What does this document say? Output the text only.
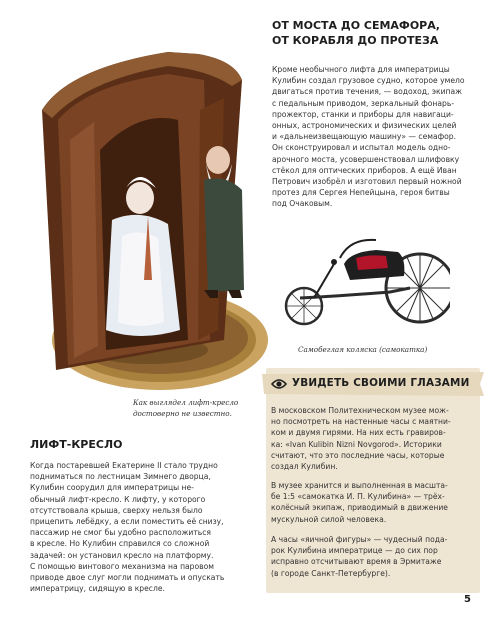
ОТ МОСТА ДО СЕМАФОРА,
ОТ КОРАБЛЯ ДО ПРОТЕЗА
Кроме необычного лифта для императрицы
Кулибин создал грузовое судно, которое умело
двигаться против течения, — водоход, экипаж
с педальным приводом, зеркальный фонарь-
прожектор, станки и приборы для навигаци-
онных, астрономических и физических целей
и «дальнеизвещающую машину» — семафор.
Он сконструировал и испытал модель одно-
арочного моста, усовершенствовал шлифовку
стёкол для оптических приборов. А ещё Иван
Петрович изобрёл и изготовил первый ножной
протез для Сергея Непейцына, героя битвы
под Очаковым.
Самобеглая коляска (самокатка)
Как выглядел лифт-кресло
достоверно не известно.
ЛИФТ-КРЕСЛО
Когда постаревшей Екатерине II стало трудно
подниматься по лестницам Зимнего дворца,
Кулибин соорудил для императрицы не-
обычный лифт-кресло. К лифту, у которого
отсутствовала крыша, сверху нельзя было
прицепить лебёдку, а если поместить её снизу,
пассажир не смог бы удобно расположиться
в кресле. Но Кулибин справился со сложной
задачей: он установил кресло на платформу.
С помощью винтового механизма на паровом
приводе двое слуг могли поднимать и опускать
императрицу, сидящую в кресле.
УВИДЕТЬ СВОИМИ ГЛАЗАМИ
В московском Политехническом музее мож-
но посмотреть на настенные часы с маятни-
ком и двумя гирями. На них есть гравиров-
ка: «Ivan Kulibin Nizni Novgorod». Историки
считают, что это последние часы, которые
создал Кулибин.
В музее хранится и выполненная в масшта-
бе 1:5 «самокатка И. П. Кулибина» — трёх-
колёсный экипаж, приводимый в движение
мускульной силой человека.
А часы «яичной фигуры» — чудесный пода-
рок Кулибина императрице — до сих пор
исправно отсчитывают время в Эрмитаже
(в городе Санкт-Петербурге).
5
